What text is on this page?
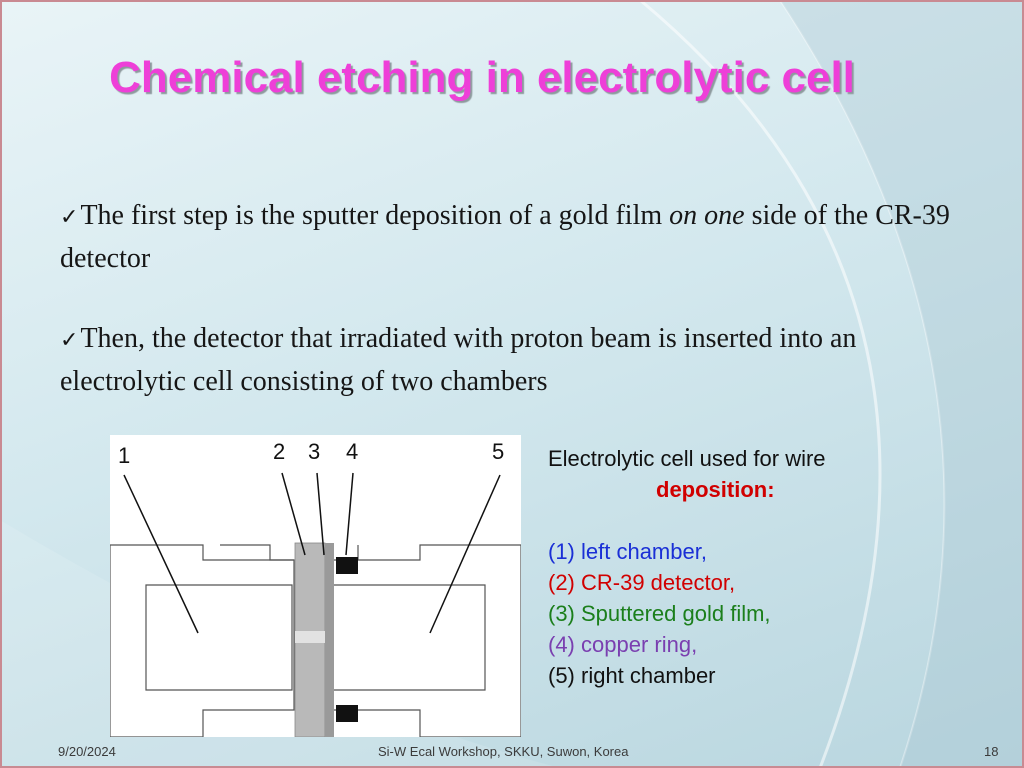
Chemical etching in electrolytic cell
✓The first step is the sputter deposition of a gold film on one side of the CR-39 detector
✓Then, the detector that irradiated with proton beam is inserted into an electrolytic cell consisting of two chambers
1	2 3 4	5 Electrolytic cell used for wire
deposition:
(1) left chamber,
(2) CR-39 detector,
(3) Sputtered gold film,
(4) copper ring,
(5) right chamber
9/20/2024	Si-W Ecal Workshop, SKKU, Suwon, Korea	18
